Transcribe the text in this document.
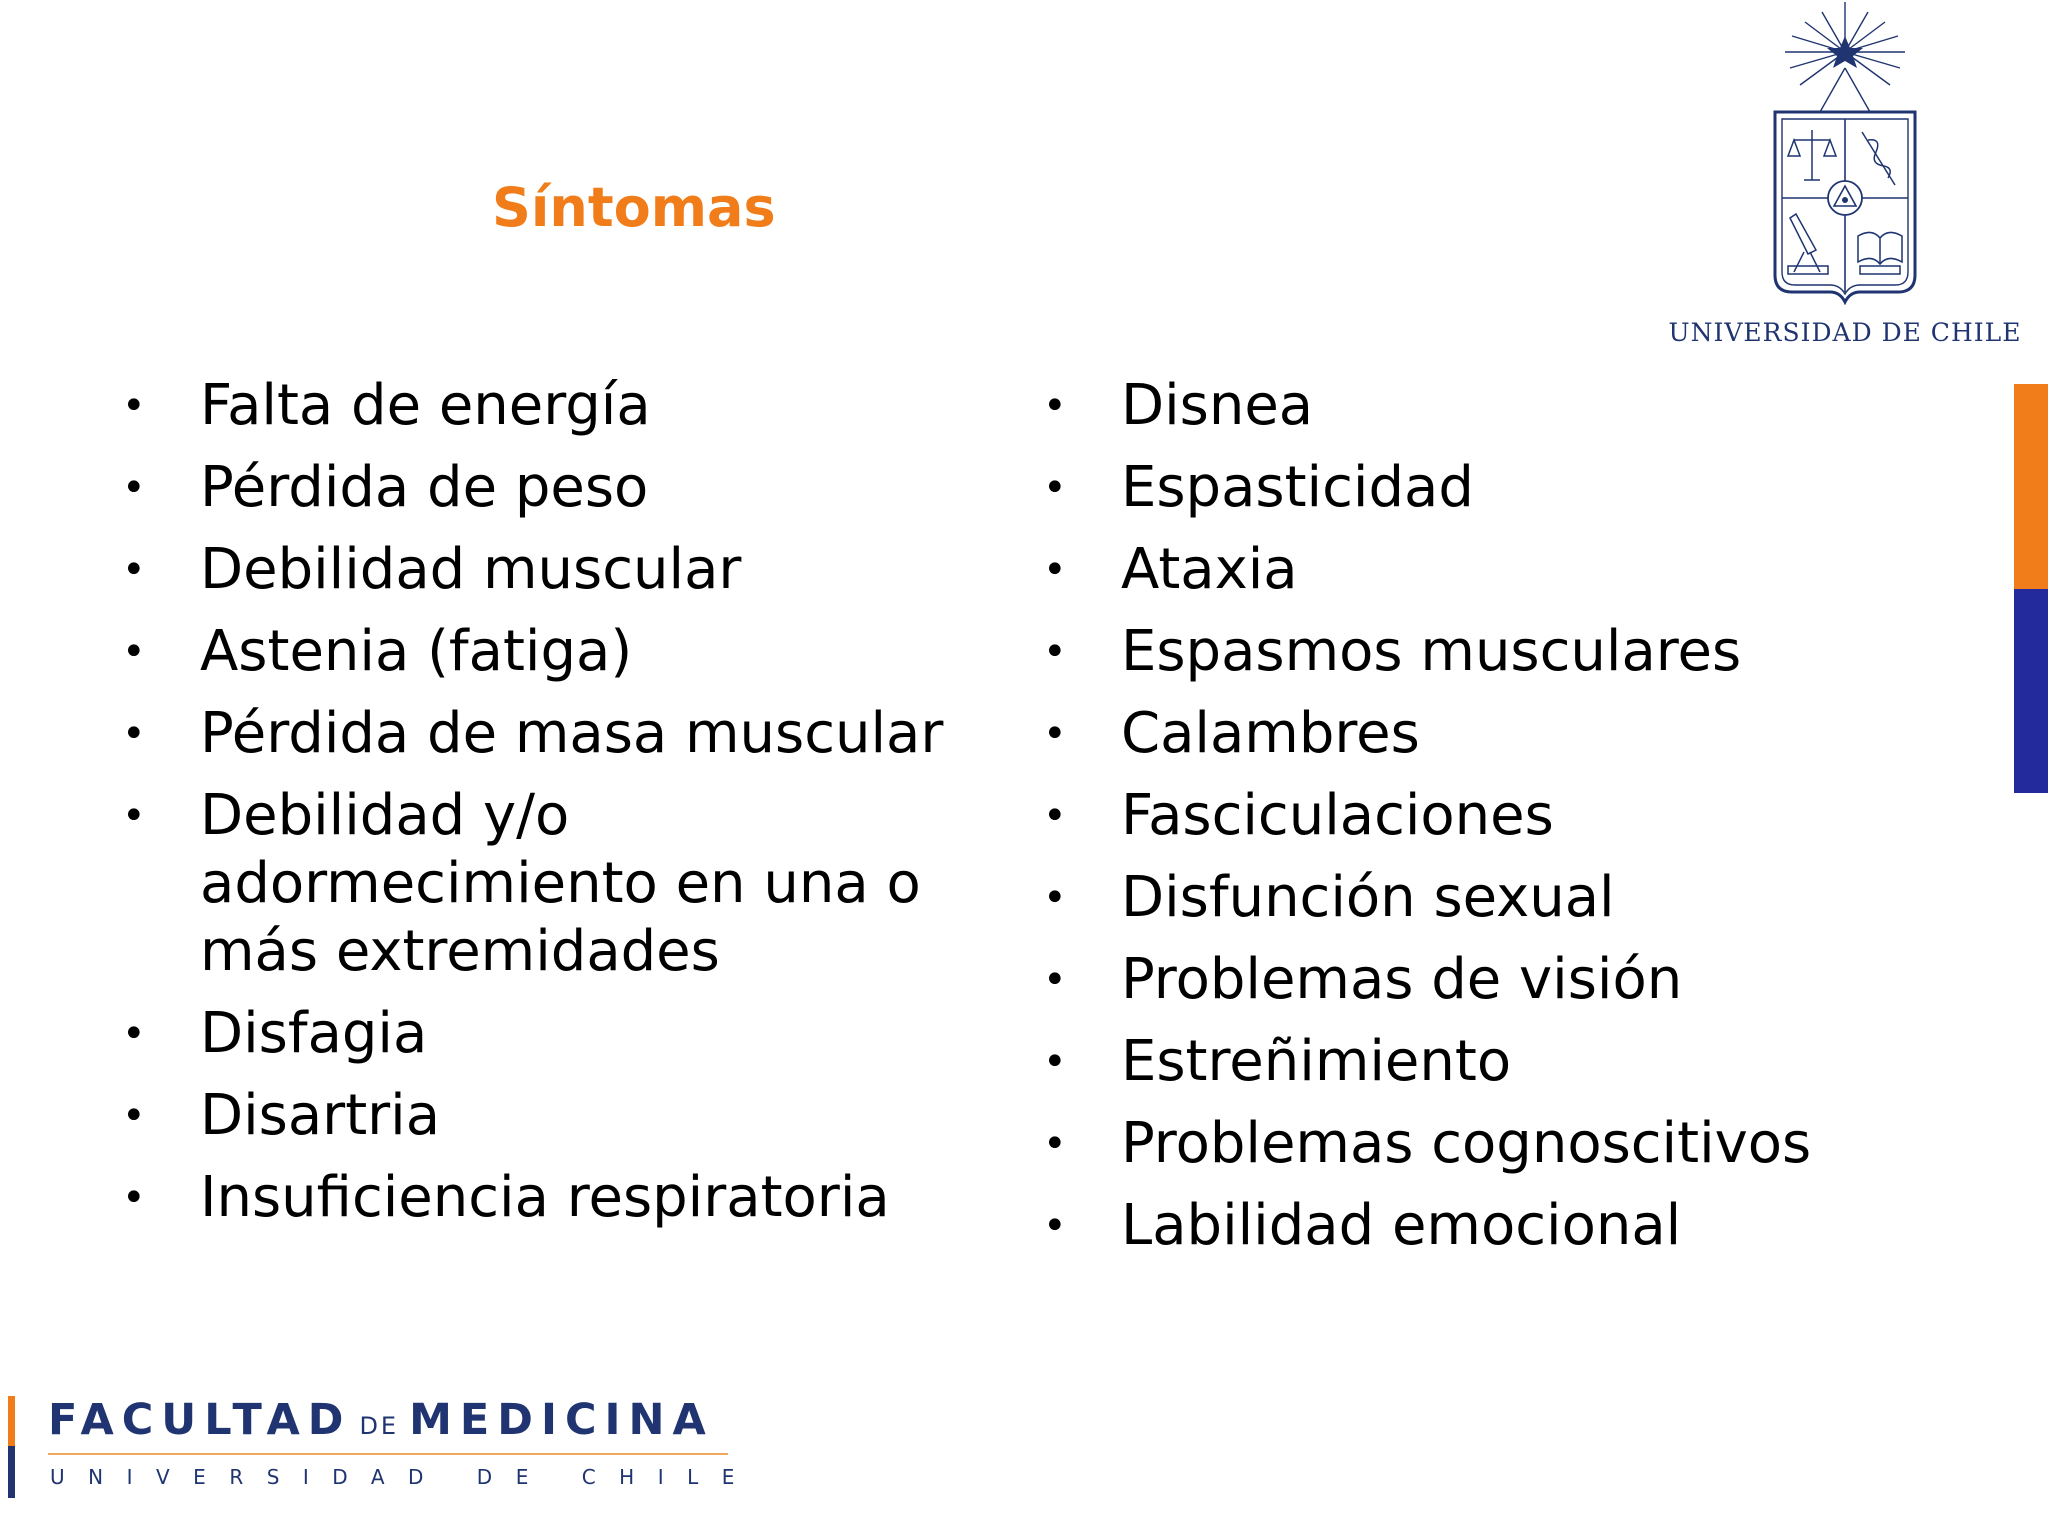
Síntomas
• Falta de energía
• Pérdida de peso
• Debilidad muscular
• Astenia (fatiga)
• Pérdida de masa muscular
• Debilidad y/o adormecimiento en una o más extremidades
• Disfagia
• Disartria
• Insuficiencia respiratoria
• Disnea
• Espasticidad
• Ataxia
• Espasmos musculares
• Calambres
• Fasciculaciones
• Disfunción sexual
• Problemas de visión
• Estreñimiento
• Problemas cognoscitivos
• Labilidad emocional
UNIVERSIDAD DE CHILE
FACULTAD DE MEDICINA
UNIVERSIDAD DE CHILE
